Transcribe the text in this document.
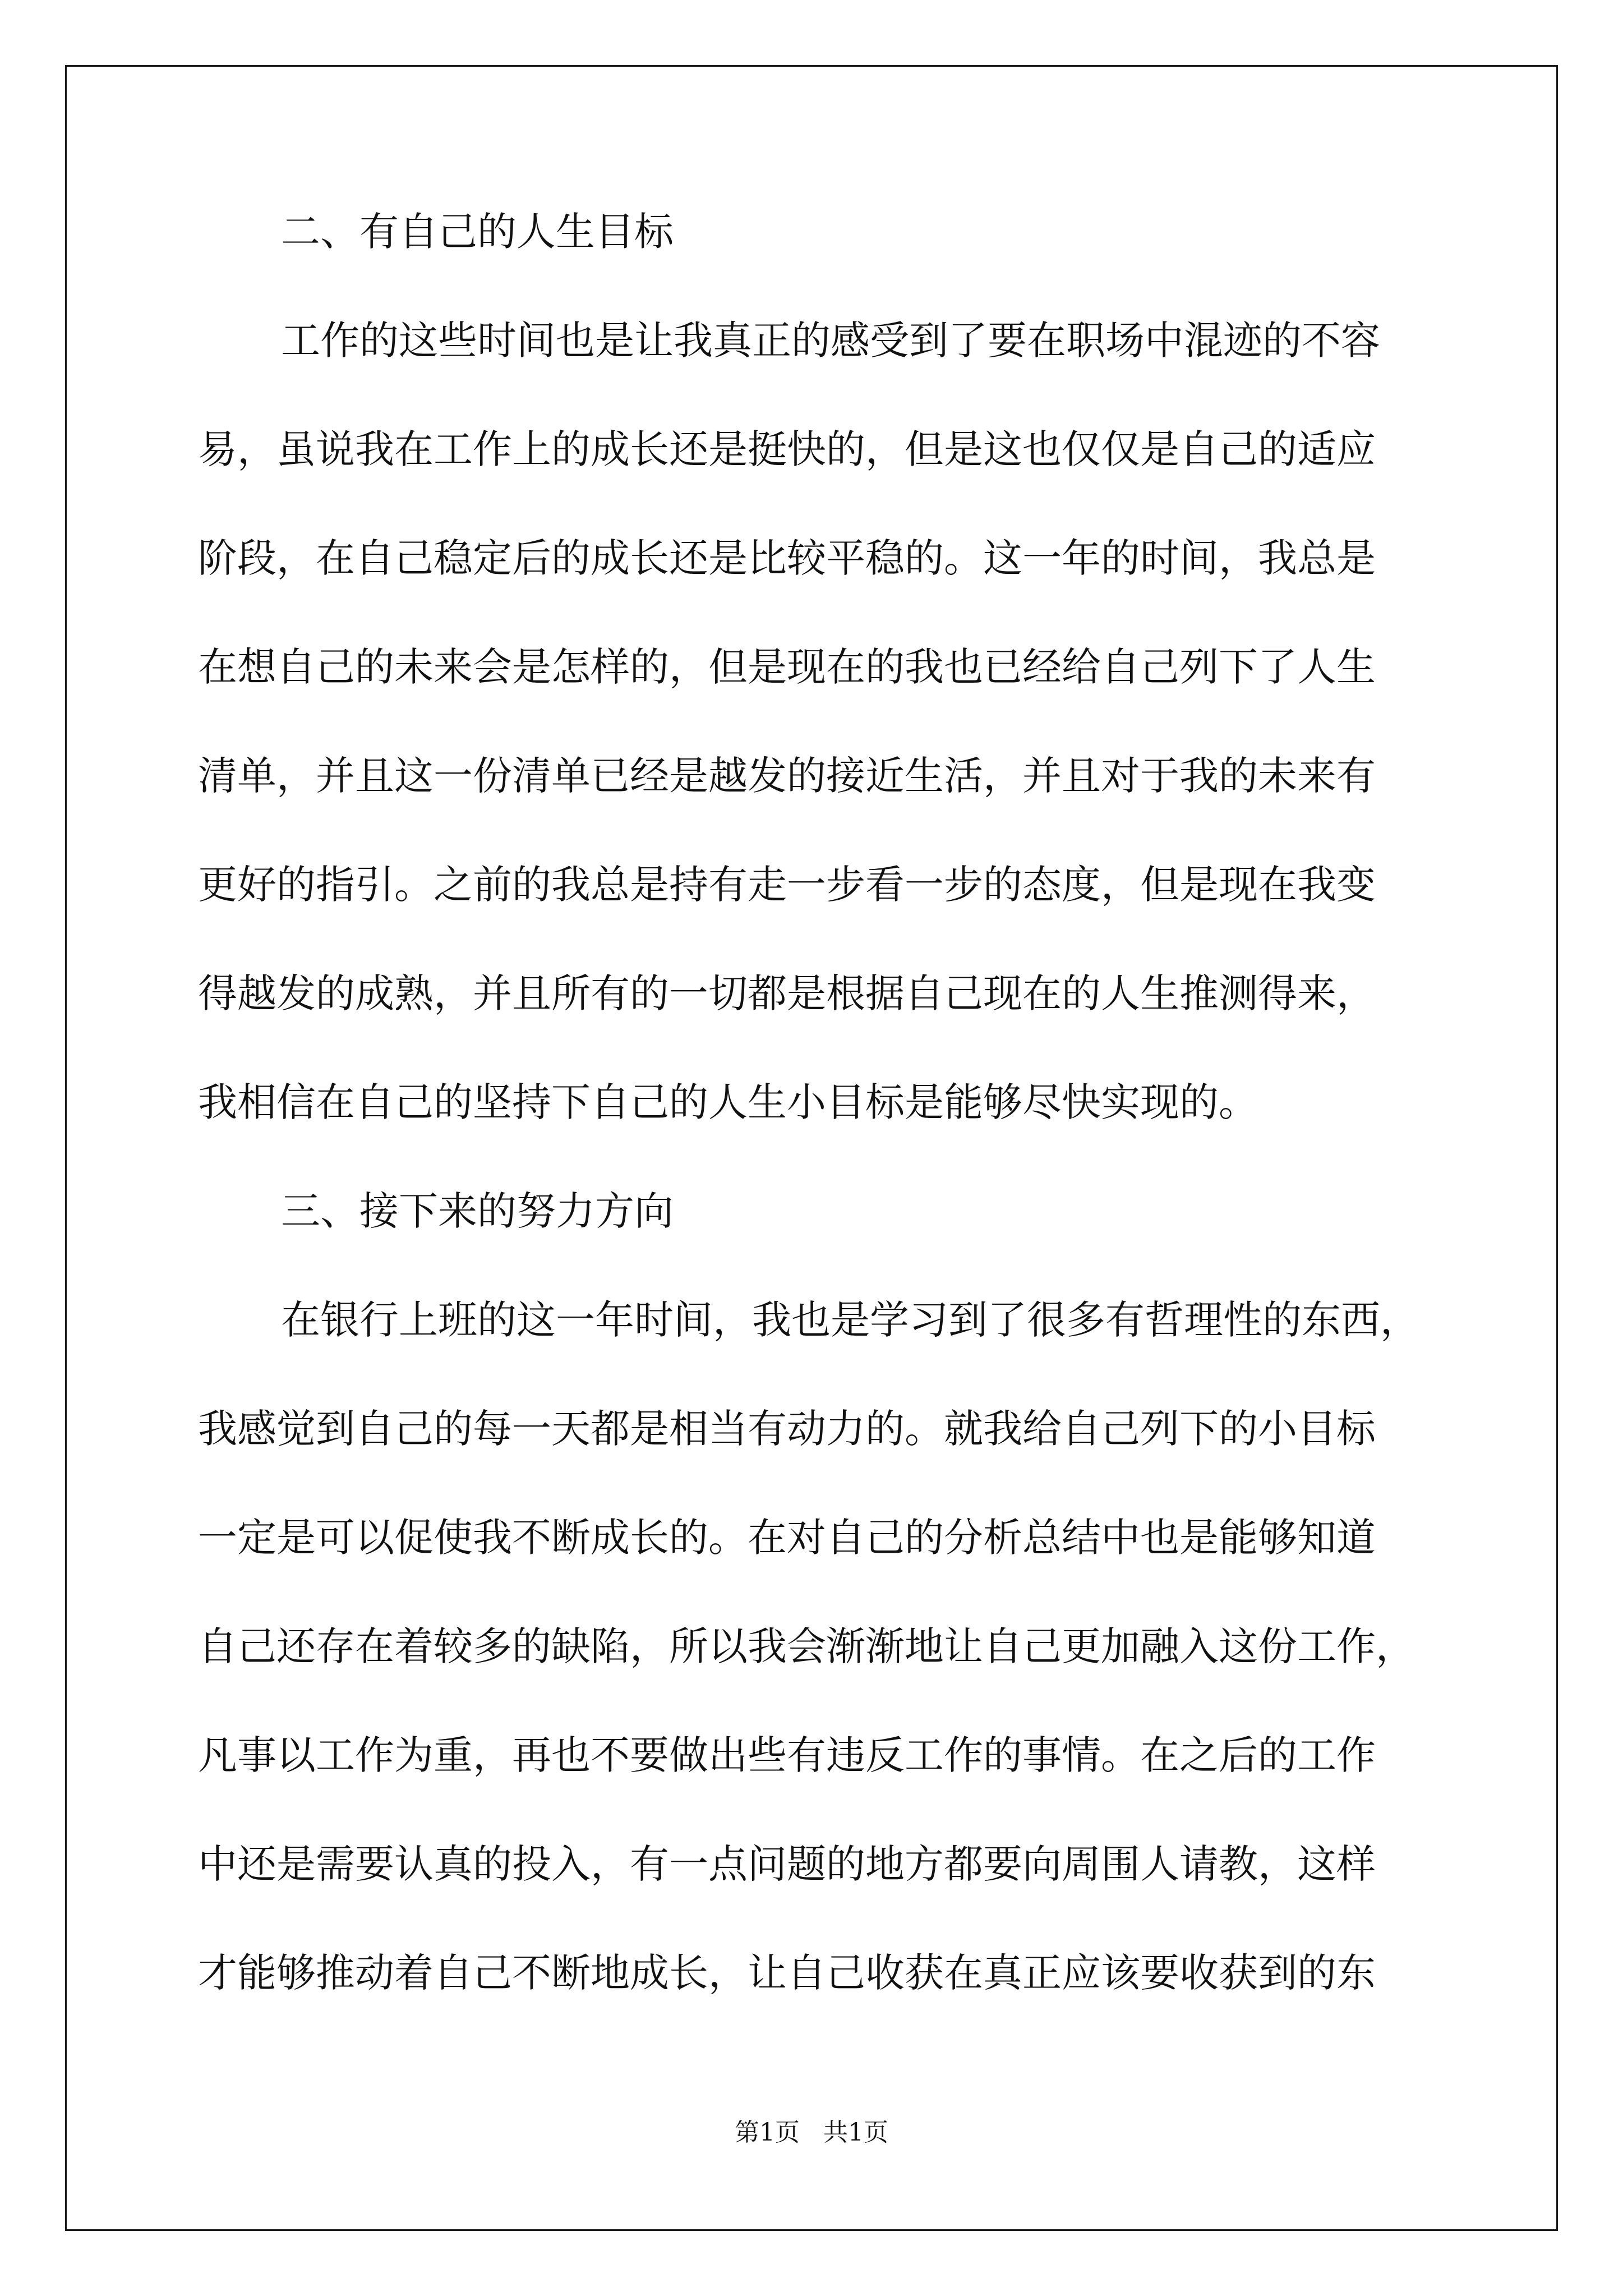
二、有自己的人生目标
工作的这些时间也是让我真正的感受到了要在职场中混迹的不容
易，虽说我在工作上的成长还是挺快的，但是这也仅仅是自己的适应
阶段，在自己稳定后的成长还是比较平稳的。这一年的时间，我总是
在想自己的未来会是怎样的，但是现在的我也已经给自己列下了人生
清单，并且这一份清单已经是越发的接近生活，并且对于我的未来有
更好的指引。之前的我总是持有走一步看一步的态度，但是现在我变
得越发的成熟，并且所有的一切都是根据自己现在的人生推测得来，
我相信在自己的坚持下自己的人生小目标是能够尽快实现的。
三、接下来的努力方向
在银行上班的这一年时间，我也是学习到了很多有哲理性的东西，
我感觉到自己的每一天都是相当有动力的。就我给自己列下的小目标
一定是可以促使我不断成长的。在对自己的分析总结中也是能够知道
自己还存在着较多的缺陷，所以我会渐渐地让自己更加融入这份工作，
凡事以工作为重，再也不要做出些有违反工作的事情。在之后的工作
中还是需要认真的投入，有一点问题的地方都要向周围人请教，这样
才能够推动着自己不断地成长，让自己收获在真正应该要收获到的东
第1页   共1页
